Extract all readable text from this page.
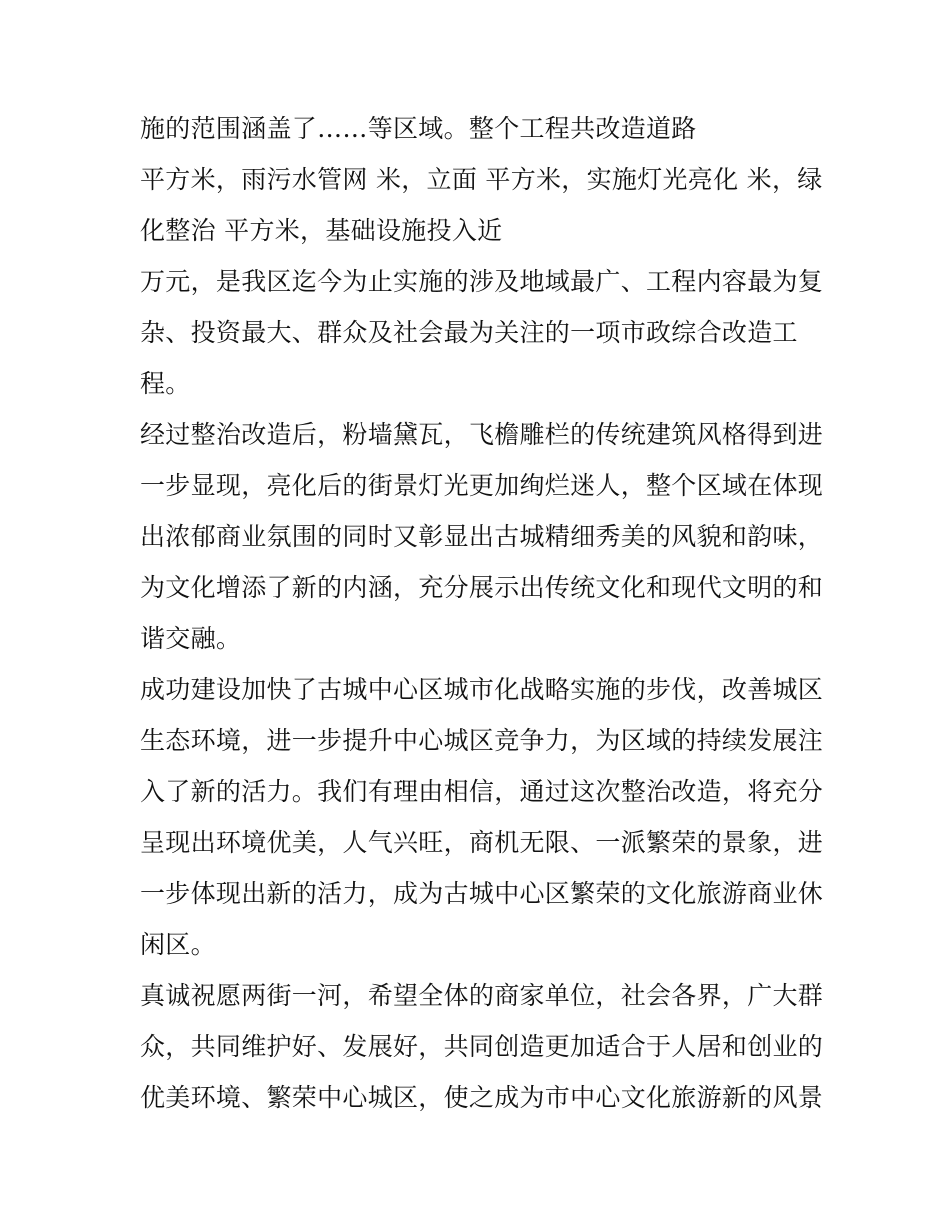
施的范围涵盖了……等区域。整个工程共改造道路
平方米，雨污水管网 米，立面 平方米，实施灯光亮化 米，绿
化整治 平方米，基础设施投入近
万元，是我区迄今为止实施的涉及地域最广、工程内容最为复
杂、投资最大、群众及社会最为关注的一项市政综合改造工
程。
经过整治改造后，粉墙黛瓦，飞檐雕栏的传统建筑风格得到进
一步显现，亮化后的街景灯光更加绚烂迷人，整个区域在体现
出浓郁商业氛围的同时又彰显出古城精细秀美的风貌和韵味，
为文化增添了新的内涵，充分展示出传统文化和现代文明的和
谐交融。
成功建设加快了古城中心区城市化战略实施的步伐，改善城区
生态环境，进一步提升中心城区竞争力，为区域的持续发展注
入了新的活力。我们有理由相信，通过这次整治改造，将充分
呈现出环境优美，人气兴旺，商机无限、一派繁荣的景象，进
一步体现出新的活力，成为古城中心区繁荣的文化旅游商业休
闲区。
真诚祝愿两街一河，希望全体的商家单位，社会各界，广大群
众，共同维护好、发展好，共同创造更加适合于人居和创业的
优美环境、繁荣中心城区，使之成为市中心文化旅游新的风景
